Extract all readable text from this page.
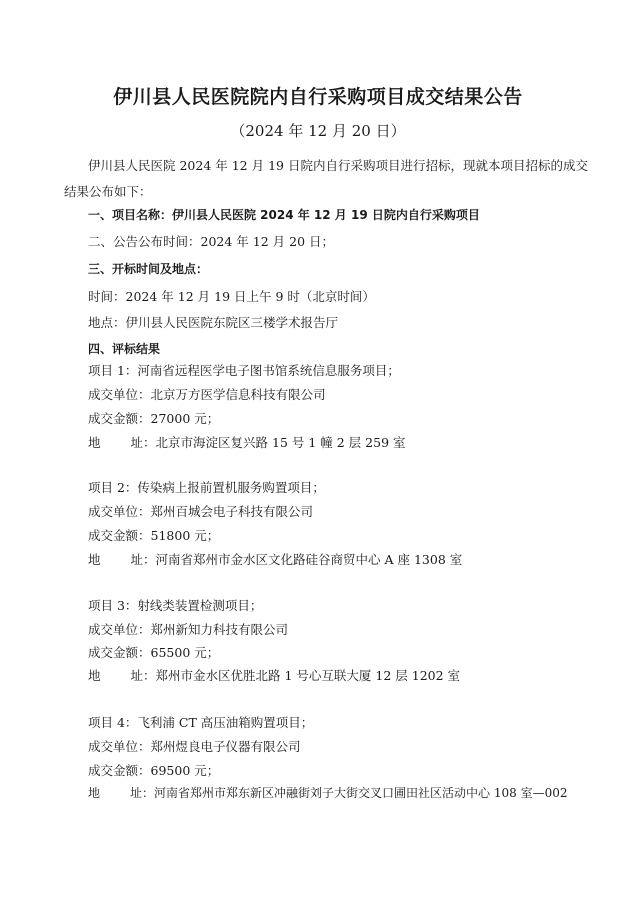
伊川县人民医院院内自行采购项目成交结果公告
（2024 年 12 月 20 日）
伊川县人民医院 2024 年 12 月 19 日院内自行采购项目进行招标，现就本项目招标的成交
结果公布如下：
一、项目名称：伊川县人民医院 2024 年 12 月 19 日院内自行采购项目
二、公告公布时间：2024 年 12 月 20 日；
三、开标时间及地点：
时间：2024 年 12 月 19 日上午 9 时（北京时间）
地点：伊川县人民医院东院区三楼学术报告厅
四、评标结果
项目 1：河南省远程医学电子图书馆系统信息服务项目；
成交单位：北京万方医学信息科技有限公司
成交金额：27000 元；
地 址：北京市海淀区复兴路 15 号 1 幢 2 层 259 室
项目 2：传染病上报前置机服务购置项目；
成交单位：郑州百城会电子科技有限公司
成交金额：51800 元；
地 址：河南省郑州市金水区文化路硅谷商贸中心 A 座 1308 室
项目 3：射线类装置检测项目；
成交单位：郑州新知力科技有限公司
成交金额：65500 元；
地 址：郑州市金水区优胜北路 1 号心互联大厦 12 层 1202 室
项目 4：飞利浦 CT 高压油箱购置项目；
成交单位：郑州煜良电子仪器有限公司
成交金额：69500 元；
地	址：河南省郑州市郑东新区冲融街刘子大街交叉口圃田社区活动中心 108 室—002
